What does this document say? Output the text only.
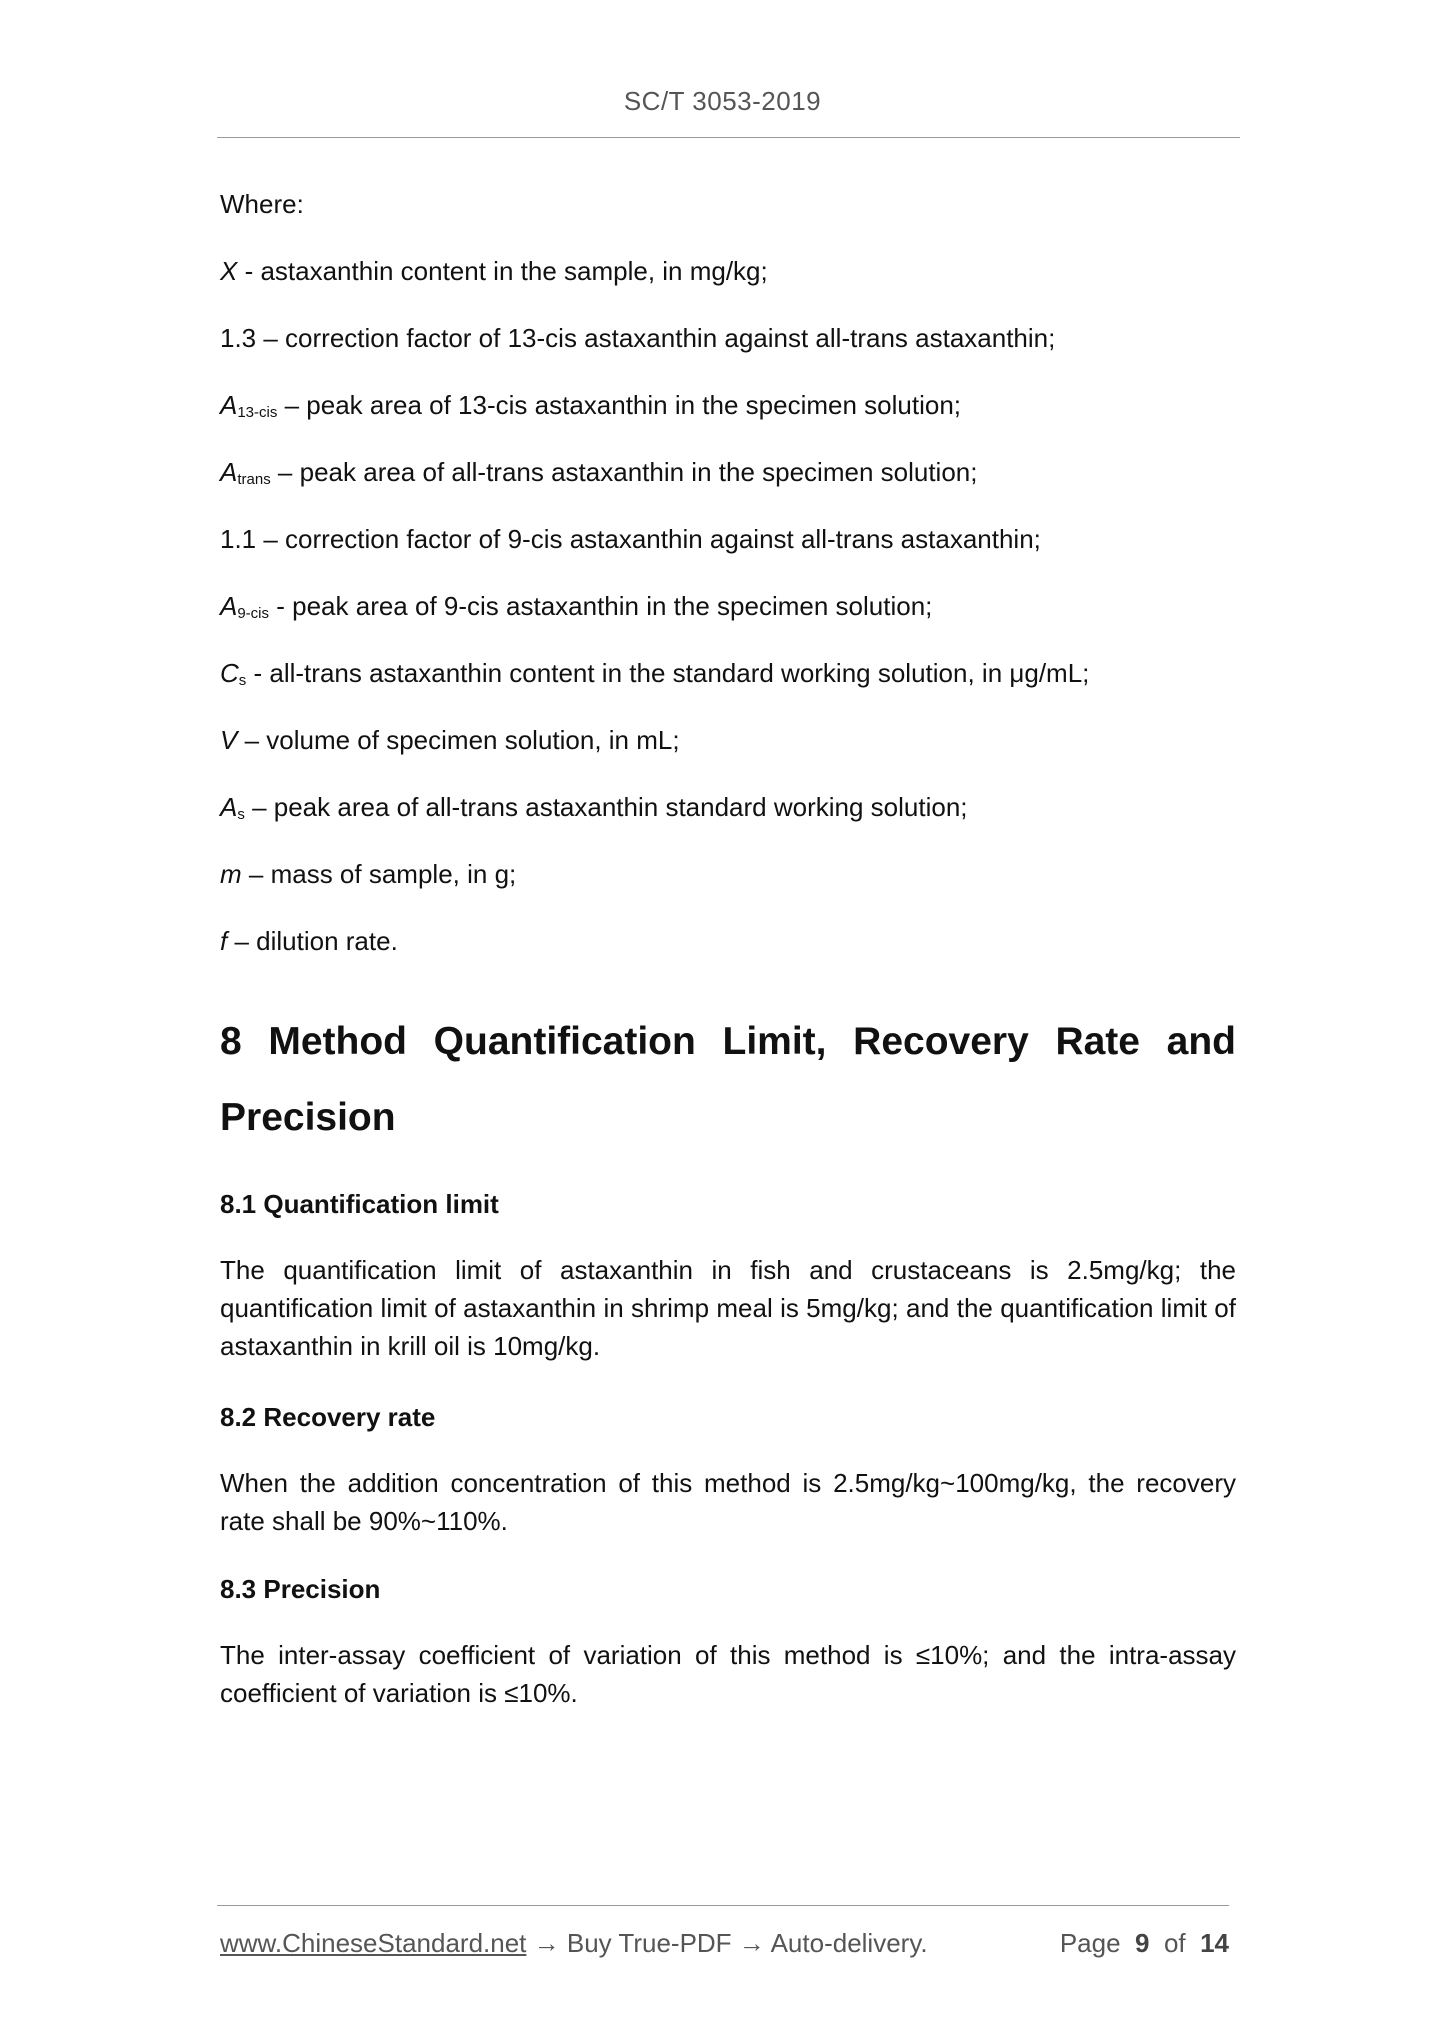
SC/T 3053-2019
Where:
X - astaxanthin content in the sample, in mg/kg;
1.3 – correction factor of 13-cis astaxanthin against all-trans astaxanthin;
$A_{13-cis}$ – peak area of 13-cis astaxanthin in the specimen solution;
$A_{trans}$ – peak area of all-trans astaxanthin in the specimen solution;
1.1 – correction factor of 9-cis astaxanthin against all-trans astaxanthin;
$A_{9-cis}$ - peak area of 9-cis astaxanthin in the specimen solution;
$C_s$ - all-trans astaxanthin content in the standard working solution, in μg/mL;
V – volume of specimen solution, in mL;
$A_s$ – peak area of all-trans astaxanthin standard working solution;
m – mass of sample, in g;
f – dilution rate.
8 Method Quantification Limit, Recovery Rate and
Precision
8.1 Quantification limit
The quantification limit of astaxanthin in fish and crustaceans is 2.5mg/kg; the quantification limit of astaxanthin in shrimp meal is 5mg/kg; and the quantification limit of astaxanthin in krill oil is 10mg/kg.
8.2 Recovery rate
When the addition concentration of this method is 2.5mg/kg~100mg/kg, the recovery rate shall be 90%~110%.
8.3 Precision
The inter-assay coefficient of variation of this method is ≤10%; and the intra-assay coefficient of variation is ≤10%.
www.ChineseStandard.net → Buy True-PDF → Auto-delivery.	Page 9 of 14
